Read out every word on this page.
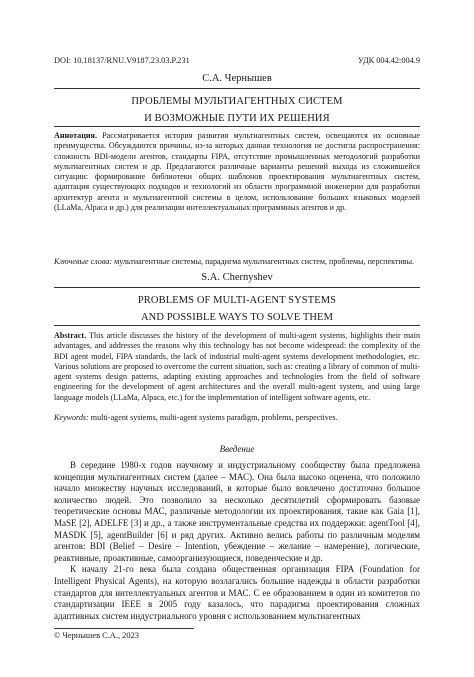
DOI: 10.18137/RNU.V9187.23.03.P.231	УДК 004.42:004.9
С.А. Чернышев
ПРОБЛЕМЫ МУЛЬТИАГЕНТНЫХ СИСТЕМ
И ВОЗМОЖНЫЕ ПУТИ ИХ РЕШЕНИЯ
Аннотация. Рассматривается история развития мультиагентных систем, освещаются их основные преимущества. Обсуждаются причины, из-за которых данная технология не достигла распространения: сложность BDI-модели агентов, стандарты FIPA, отсутствие промышленных методологий разработки мультиагентных систем и др. Предлагаются различные варианты решений выхода из сложившейся ситуации: формирование библиотеки общих шаблонов проектирования мультиагентных систем, адаптация существующих подходов и технологий из области программной инженерии для разработки архитектур агента и мультиагентной системы в целом, использование больших языковых моделей (LLaMa, Alpaca и др.) для реализации интеллектуальных программных агентов и др.
Ключевые слова: мультиагентные системы, парадигма мультиагентных систем, проблемы, перспективы.
S.A. Chernyshev
PROBLEMS OF MULTI-AGENT SYSTEMS
AND POSSIBLE WAYS TO SOLVE THEM
Abstract. This article discusses the history of the development of multi-agent systems, highlights their main advantages, and addresses the reasons why this technology has not become widespread: the complexity of the BDI agent model, FIPA standards, the lack of industrial multi-agent systems development methodologies, etc. Various solutions are proposed to overcome the current situation, such as: creating a library of common of multi-agent systems design patterns, adapting existing approaches and technologies from the field of software engineering for the development of agent architectures and the overall multi-agent system, and using large language models (LLaMa, Alpaca, etc.) for the implementation of intelligent software agents, etc.
Keywords: multi-agent systems, multi-agent systems paradigm, problems, perspectives.
Введение

В середине 1980-х годов научному и индустриальному сообществу была предложена концепция мультиагентных систем (далее – МАС). Она была высоко оценена, что положило начало множеству научных исследований, в которые было вовлечено достаточно большое количество людей. Это позволило за несколько десятилетий сформировать базовые теоретические основы МАС, различные методологии их проектирования, такие как Gaia [1], MaSE [2], ADELFE [3] и др., а также инструментальные средства их поддержки: agentTool [4], MASDK [5], agentBuilder [6] и ряд других. Активно велись работы по различным моделям агентов: BDI (Belief – Desire – Intention, убеждение – желание – намерение), логические, реактивные, проактивные, самоорганизующиеся, поведенческие и др.

К началу 21-го века была создана общественная организация FIPA (Foundation for Intelligent Physical Agents), на которую возлагались большие надежды в области разработки стандартов для интеллектуальных агентов и МАС. С ее образованием в один из комитетов по стандартизации IEEE в 2005 году казалось, что парадигма проектирования сложных адаптивных систем индустриального уровня с использованием мультиагентных

© Чернышев С.А., 2023
